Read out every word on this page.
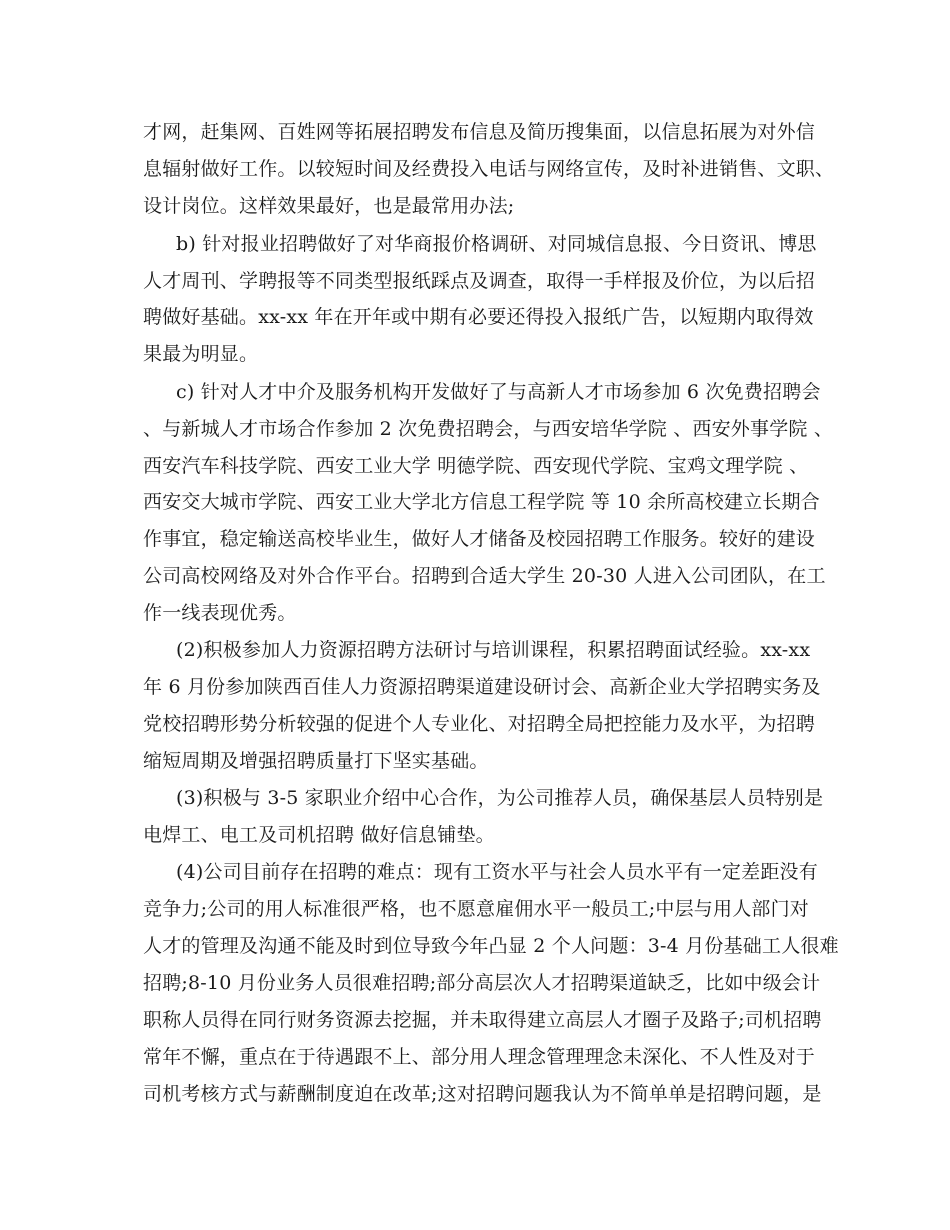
才网，赶集网、百姓网等拓展招聘发布信息及简历搜集面，以信息拓展为对外信
息辐射做好工作。以较短时间及经费投入电话与网络宣传，及时补进销售、文职、
设计岗位。这样效果最好，也是最常用办法;
b) 针对报业招聘做好了对华商报价格调研、对同城信息报、今日资讯、博思
人才周刊、学聘报等不同类型报纸踩点及调查，取得一手样报及价位，为以后招
聘做好基础。xx-xx 年在开年或中期有必要还得投入报纸广告，以短期内取得效
果最为明显。
c) 针对人才中介及服务机构开发做好了与高新人才市场参加 6 次免费招聘会
、与新城人才市场合作参加 2 次免费招聘会，与西安培华学院 、西安外事学院 、
西安汽车科技学院、西安工业大学 明德学院、西安现代学院、宝鸡文理学院 、
西安交大城市学院、西安工业大学北方信息工程学院 等 10 余所高校建立长期合
作事宜，稳定输送高校毕业生，做好人才储备及校园招聘工作服务。较好的建设
公司高校网络及对外合作平台。招聘到合适大学生 20-30 人进入公司团队，在工
作一线表现优秀。
(2)积极参加人力资源招聘方法研讨与培训课程，积累招聘面试经验。xx-xx
年 6 月份参加陕西百佳人力资源招聘渠道建设研讨会、高新企业大学招聘实务及
党校招聘形势分析较强的促进个人专业化、对招聘全局把控能力及水平，为招聘
缩短周期及增强招聘质量打下坚实基础。
(3)积极与 3-5 家职业介绍中心合作，为公司推荐人员，确保基层人员特别是
电焊工、电工及司机招聘 做好信息铺垫。
(4)公司目前存在招聘的难点：现有工资水平与社会人员水平有一定差距没有
竞争力;公司的用人标准很严格，也不愿意雇佣水平一般员工;中层与用人部门对
人才的管理及沟通不能及时到位导致今年凸显 2 个人问题：3-4 月份基础工人很难
招聘;8-10 月份业务人员很难招聘;部分高层次人才招聘渠道缺乏，比如中级会计
职称人员得在同行财务资源去挖掘，并未取得建立高层人才圈子及路子;司机招聘
常年不懈，重点在于待遇跟不上、部分用人理念管理理念未深化、不人性及对于
司机考核方式与薪酬制度迫在改革;这对招聘问题我认为不简单单是招聘问题，是
